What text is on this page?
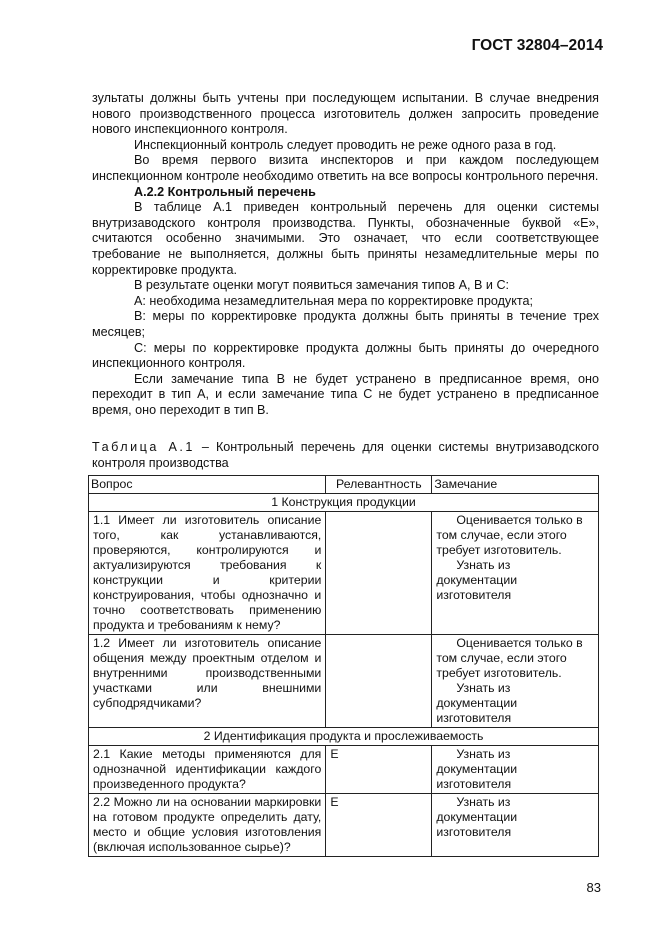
ГОСТ 32804–2014

зультаты должны быть учтены при последующем испытании. В случае внедрения нового производственного процесса изготовитель должен запросить проведение нового инспекционного контроля.

Инспекционный контроль следует проводить не реже одного раза в год.

Во время первого визита инспекторов и при каждом последующем инспекционном контроле необходимо ответить на все вопросы контрольного перечня.

А.2.2 Контрольный перечень

В таблице А.1 приведен контрольный перечень для оценки системы внутризаводского контроля производства. Пункты, обозначенные буквой «Е», считаются особенно значимыми. Это означает, что если соответствующее требование не выполняется, должны быть приняты незамедлительные меры по корректировке продукта.

В результате оценки могут появиться замечания типов А, В и С:

А: необходима незамедлительная мера по корректировке продукта;

В: меры по корректировке продукта должны быть приняты в течение трех месяцев;

С: меры по корректировке продукта должны быть приняты до очередного инспекционного контроля.

Если замечание типа В не будет устранено в предписанное время, оно переходит в тип А, и если замечание типа С не будет устранено в предписанное время, оно переходит в тип В.

Таблица А.1 – Контрольный перечень для оценки системы внутризаводского контроля производства
Вопрос	Релевантность	Замечание
1 Конструкция продукции		
1.1 Имеет ли изготовитель описание того, как устанавливаются, проверяются, контролируются и актуализируются требования к конструкции и критерии конструирования, чтобы однозначно и точно соответствовать применению продукта и требованиям к нему?		Оценивается только в том случае, если этого требует изготовитель.

Узнать из документации изготовителя

1.2 Имеет ли изготовитель описание общения между проектным отделом и внутренними производственными участками или внешними субподрядчиками?		Оценивается только в том случае, если этого требует изготовитель.

Узнать из документации изготовителя

2 Идентификация продукта и прослеживаемость		
2.1 Какие методы применяются для однозначной идентификации каждого произведенного продукта?	Е	Узнать из документации изготовителя

2.2 Можно ли на основании маркировки на готовом продукте определить дату, место и общие условия изготовления (включая использованное сырье)?	Е	Узнать из документации изготовителя

83
